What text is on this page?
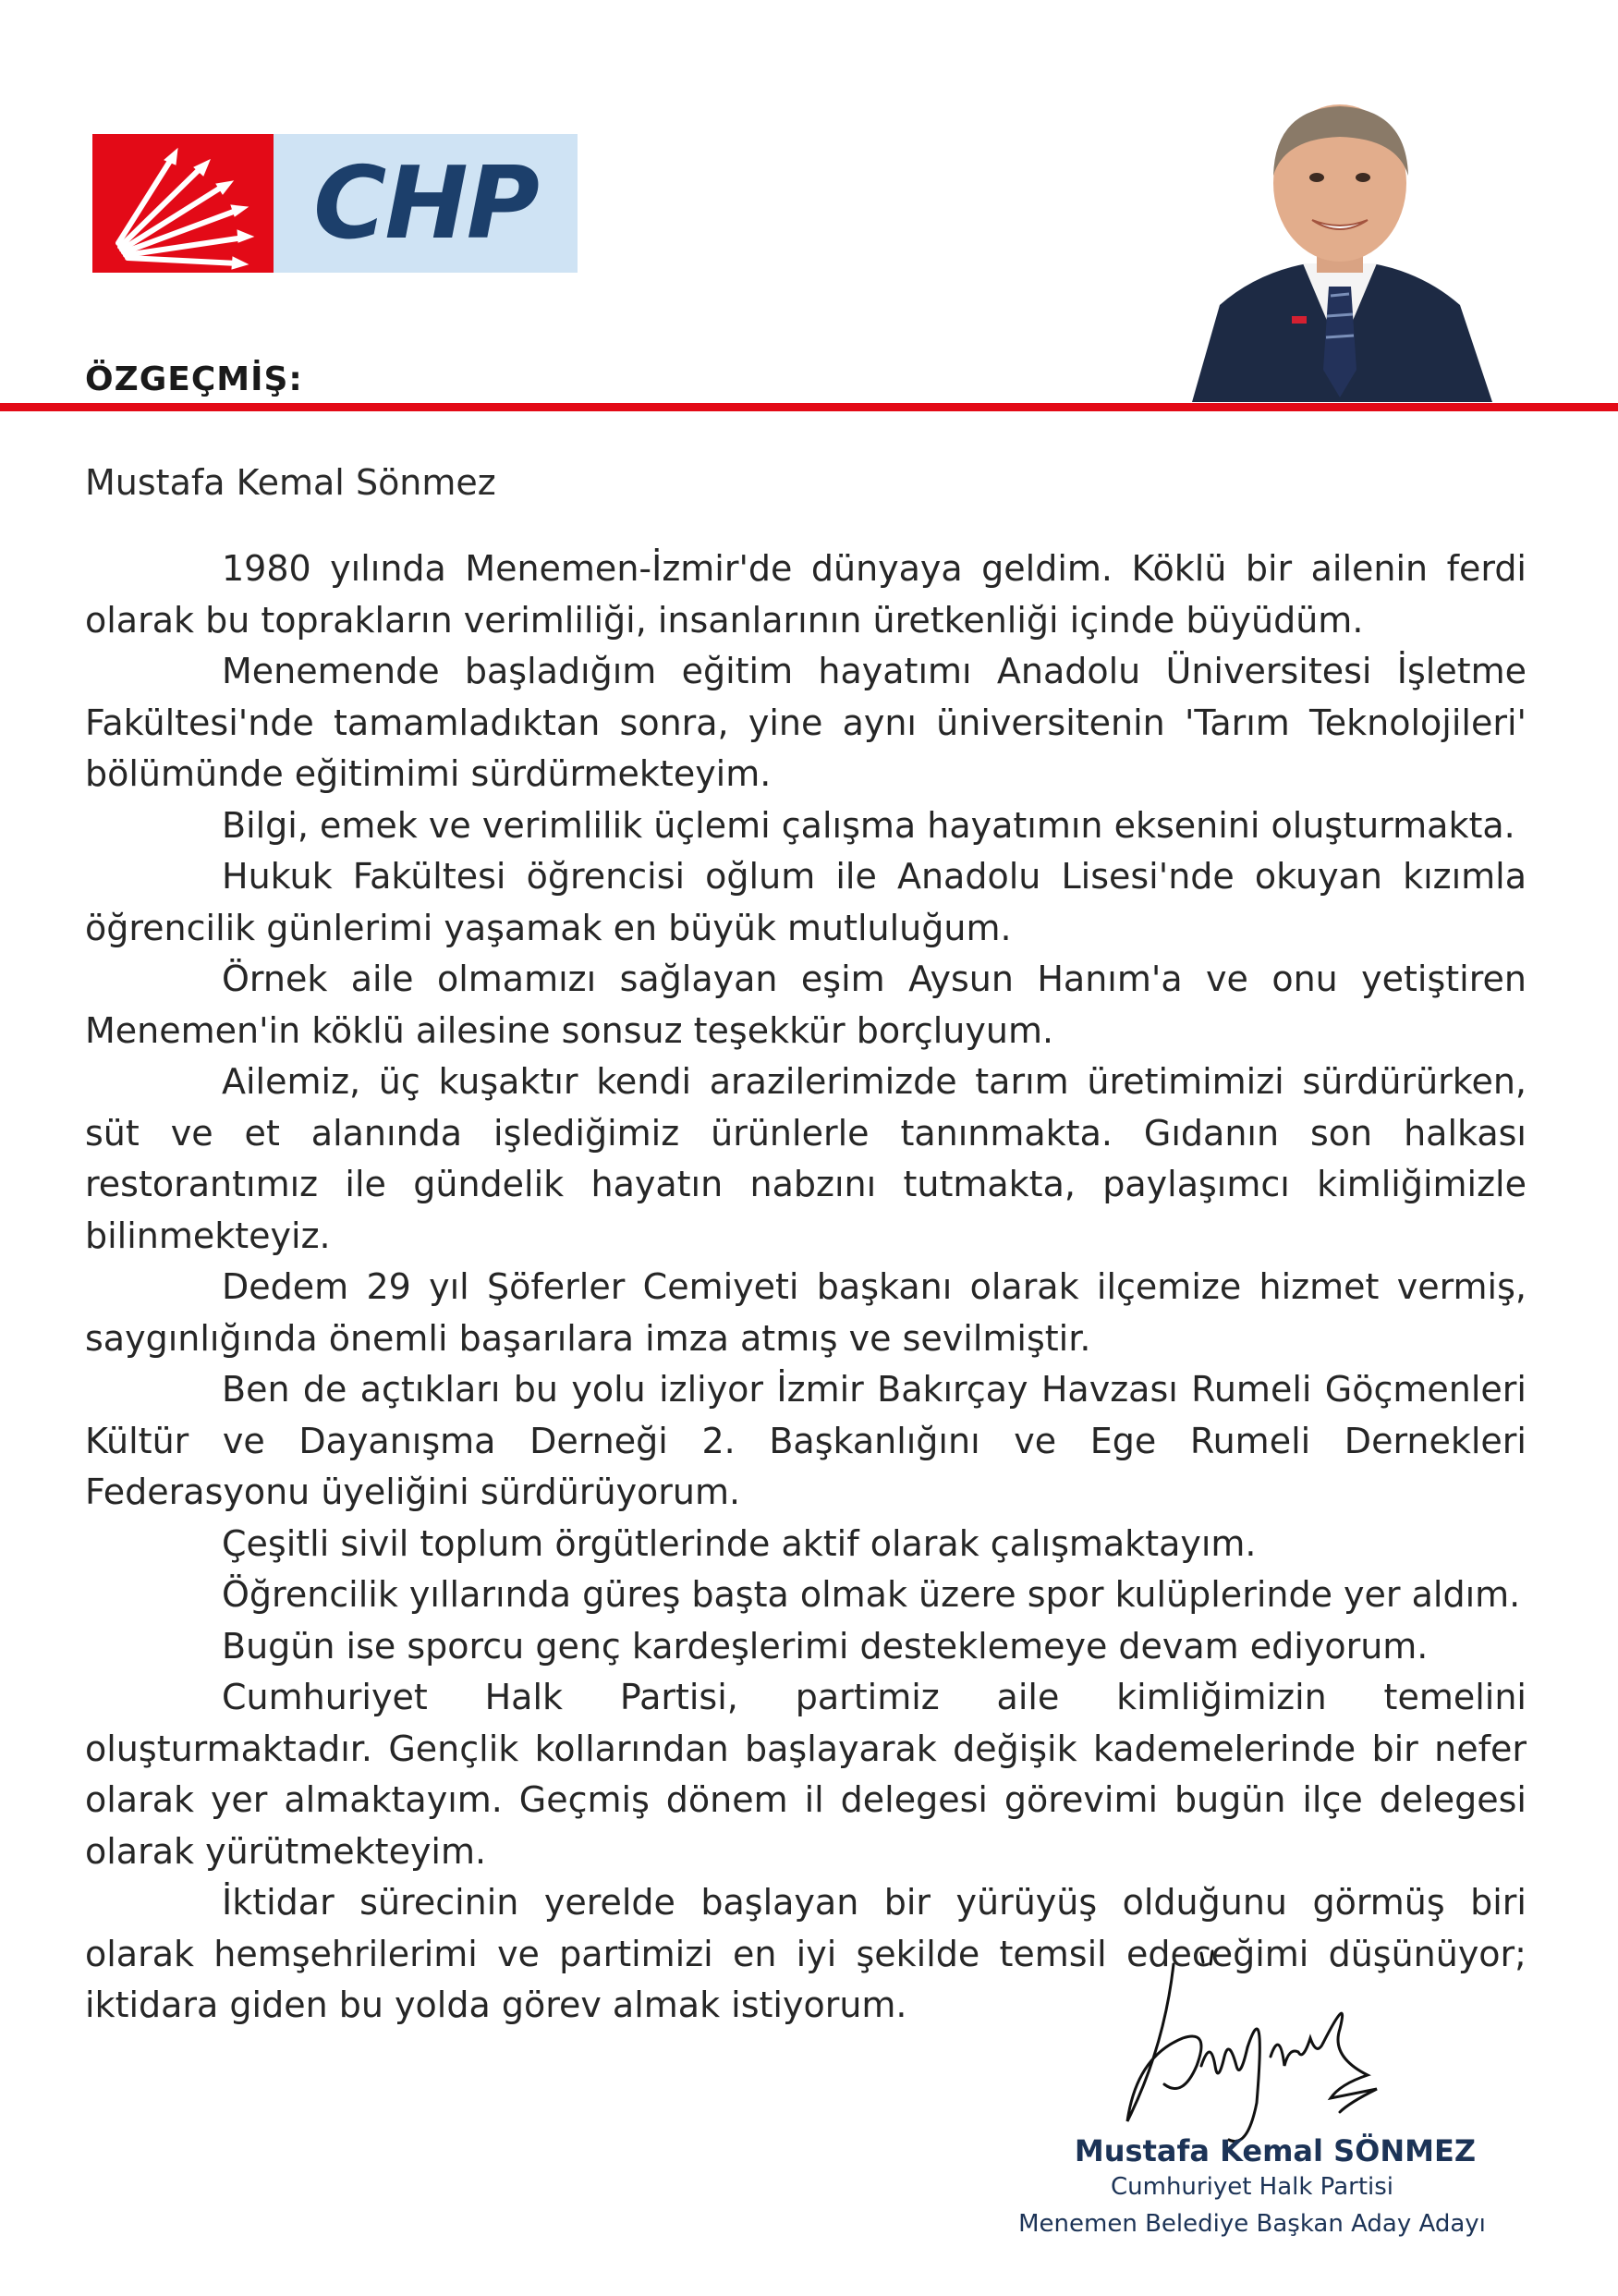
CHP
ÖZGEÇMİŞ:
Mustafa Kemal Sönmez

1980 yılında Menemen-İzmir'de dünyaya geldim. Köklü bir ailenin ferdi olarak bu toprakların verimliliği, insanlarının üretkenliği içinde büyüdüm.

Menemende başladığım eğitim hayatımı Anadolu Üniversitesi İşletme Fakültesi'nde tamamladıktan sonra, yine aynı üniversitenin 'Tarım Teknolojileri' bölümünde eğitimimi sürdürmekteyim.

Bilgi, emek ve verimlilik üçlemi çalışma hayatımın eksenini oluşturmakta.

Hukuk Fakültesi öğrencisi oğlum ile Anadolu Lisesi'nde okuyan kızımla öğrencilik günlerimi yaşamak en büyük mutluluğum.

Örnek aile olmamızı sağlayan eşim Aysun Hanım'a ve onu yetiştiren Menemen'in köklü ailesine sonsuz teşekkür borçluyum.

Ailemiz, üç kuşaktır kendi arazilerimizde tarım üretimimizi sürdürürken, süt ve et alanında işlediğimiz ürünlerle tanınmakta. Gıdanın son halkası restorantımız ile gündelik hayatın nabzını tutmakta, paylaşımcı kimliğimizle bilinmekteyiz.

Dedem 29 yıl Şöferler Cemiyeti başkanı olarak ilçemize hizmet vermiş, saygınlığında önemli başarılara imza atmış ve sevilmiştir.

Ben de açtıkları bu yolu izliyor İzmir Bakırçay Havzası Rumeli Göçmenleri Kültür ve Dayanışma Derneği 2. Başkanlığını ve Ege Rumeli Dernekleri Federasyonu üyeliğini sürdürüyorum.

Çeşitli sivil toplum örgütlerinde aktif olarak çalışmaktayım.

Öğrencilik yıllarında güreş başta olmak üzere spor kulüplerinde yer aldım.

Bugün ise sporcu genç kardeşlerimi desteklemeye devam ediyorum.

Cumhuriyet Halk Partisi, partimiz aile kimliğimizin temelini oluşturmaktadır. Gençlik kollarından başlayarak değişik kademelerinde bir nefer olarak yer almaktayım. Geçmiş dönem il delegesi görevimi bugün ilçe delegesi olarak yürütmekteyim.

İktidar sürecinin yerelde başlayan bir yürüyüş olduğunu görmüş biri olarak hemşehrilerimi ve partimizi en iyi şekilde temsil edeceğimi düşünüyor; iktidara giden bu yolda görev almak istiyorum.

Mustafa Kemal SÖNMEZ
Cumhuriyet Halk Partisi
Menemen Belediye Başkan Aday Adayı
